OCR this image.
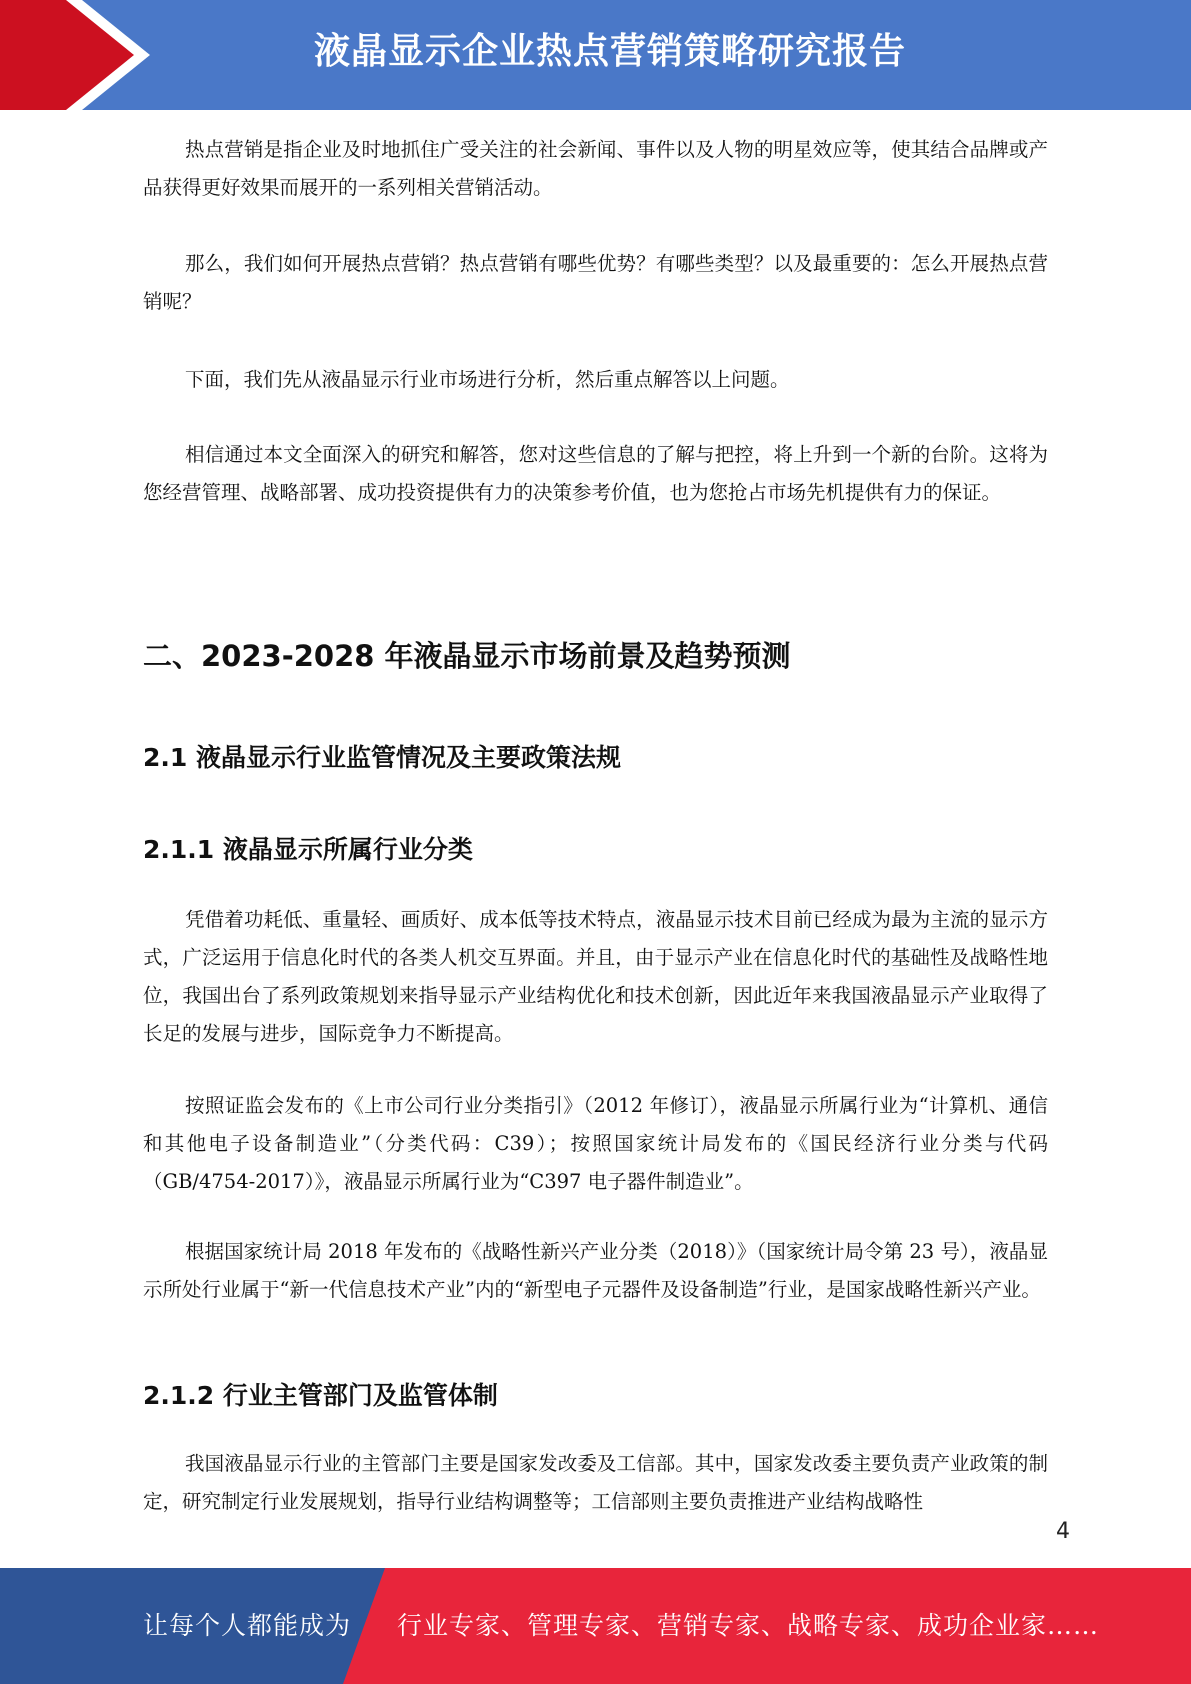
液晶显示企业热点营销策略研究报告

热点营销是指企业及时地抓住广受关注的社会新闻、事件以及人物的明星效应等，使其结合品牌或产品获得更好效果而展开的一系列相关营销活动。

那么，我们如何开展热点营销？热点营销有哪些优势？有哪些类型？以及最重要的：怎么开展热点营销呢？

下面，我们先从液晶显示行业市场进行分析，然后重点解答以上问题。

相信通过本文全面深入的研究和解答，您对这些信息的了解与把控，将上升到一个新的台阶。这将为您经营管理、战略部署、成功投资提供有力的决策参考价值，也为您抢占市场先机提供有力的保证。

二、2023-2028 年液晶显示市场前景及趋势预测
2.1 液晶显示行业监管情况及主要政策法规
2.1.1 液晶显示所属行业分类

凭借着功耗低、重量轻、画质好、成本低等技术特点，液晶显示技术目前已经成为最为主流的显示方式，广泛运用于信息化时代的各类人机交互界面。并且，由于显示产业在信息化时代的基础性及战略性地位，我国出台了系列政策规划来指导显示产业结构优化和技术创新，因此近年来我国液晶显示产业取得了长足的发展与进步，国际竞争力不断提高。

按照证监会发布的《上市公司行业分类指引》（2012 年修订），液晶显示所属行业为“计算机、通信和其他电子设备制造业”（分类代码：C39）；按照国家统计局发布的《国民经济行业分类与代码（GB/4754-2017）》，液晶显示所属行业为“C397 电子器件制造业”。

根据国家统计局 2018 年发布的《战略性新兴产业分类（2018）》（国家统计局令第 23 号），液晶显示所处行业属于“新一代信息技术产业”内的“新型电子元器件及设备制造”行业，是国家战略性新兴产业。

2.1.2 行业主管部门及监管体制

我国液晶显示行业的主管部门主要是国家发改委及工信部。其中，国家发改委主要负责产业政策的制定，研究制定行业发展规划，指导行业结构调整等；工信部则主要负责推进产业结构战略性

4
让每个人都能成为 行业专家、管理专家、营销专家、战略专家、成功企业家……
